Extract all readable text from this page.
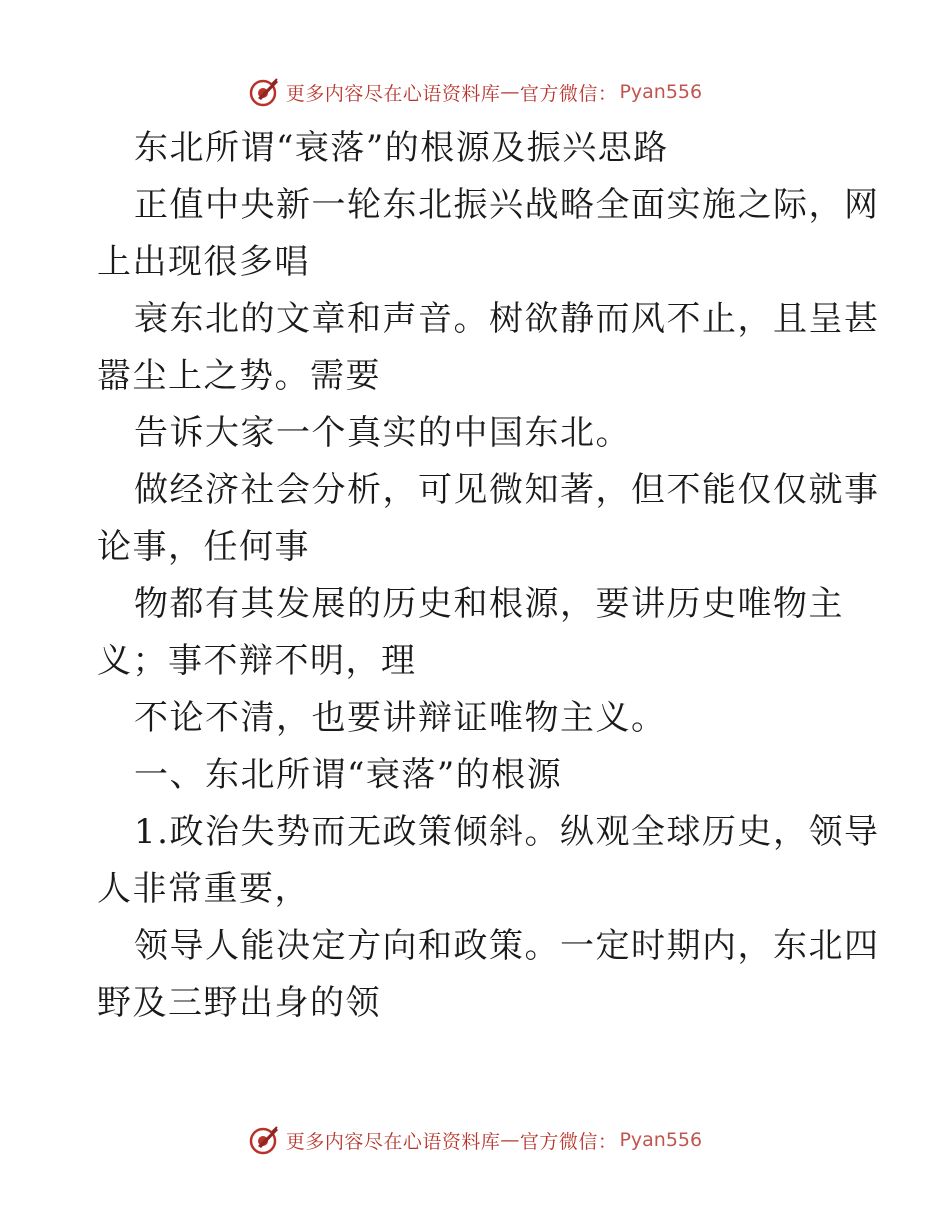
更多内容尽在心语资料库 — 官方微信： Pyan556
东北所谓“衰落”的根源及振兴思路
正值中央新一轮东北振兴战略全面实施之际，网
上出现很多唱
衰东北的文章和声音。树欲静而风不止，且呈甚
嚣尘上之势。需要
告诉大家一个真实的中国东北。
做经济社会分析，可见微知著，但不能仅仅就事
论事，任何事
物都有其发展的历史和根源，要讲历史唯物主
义；事不辩不明，理
不论不清，也要讲辩证唯物主义。
一、东北所谓“衰落”的根源
1.政治失势而无政策倾斜。纵观全球历史，领导
人非常重要，
领导人能决定方向和政策。一定时期内，东北四
野及三野出身的领
更多内容尽在心语资料库 — 官方微信： Pyan556
